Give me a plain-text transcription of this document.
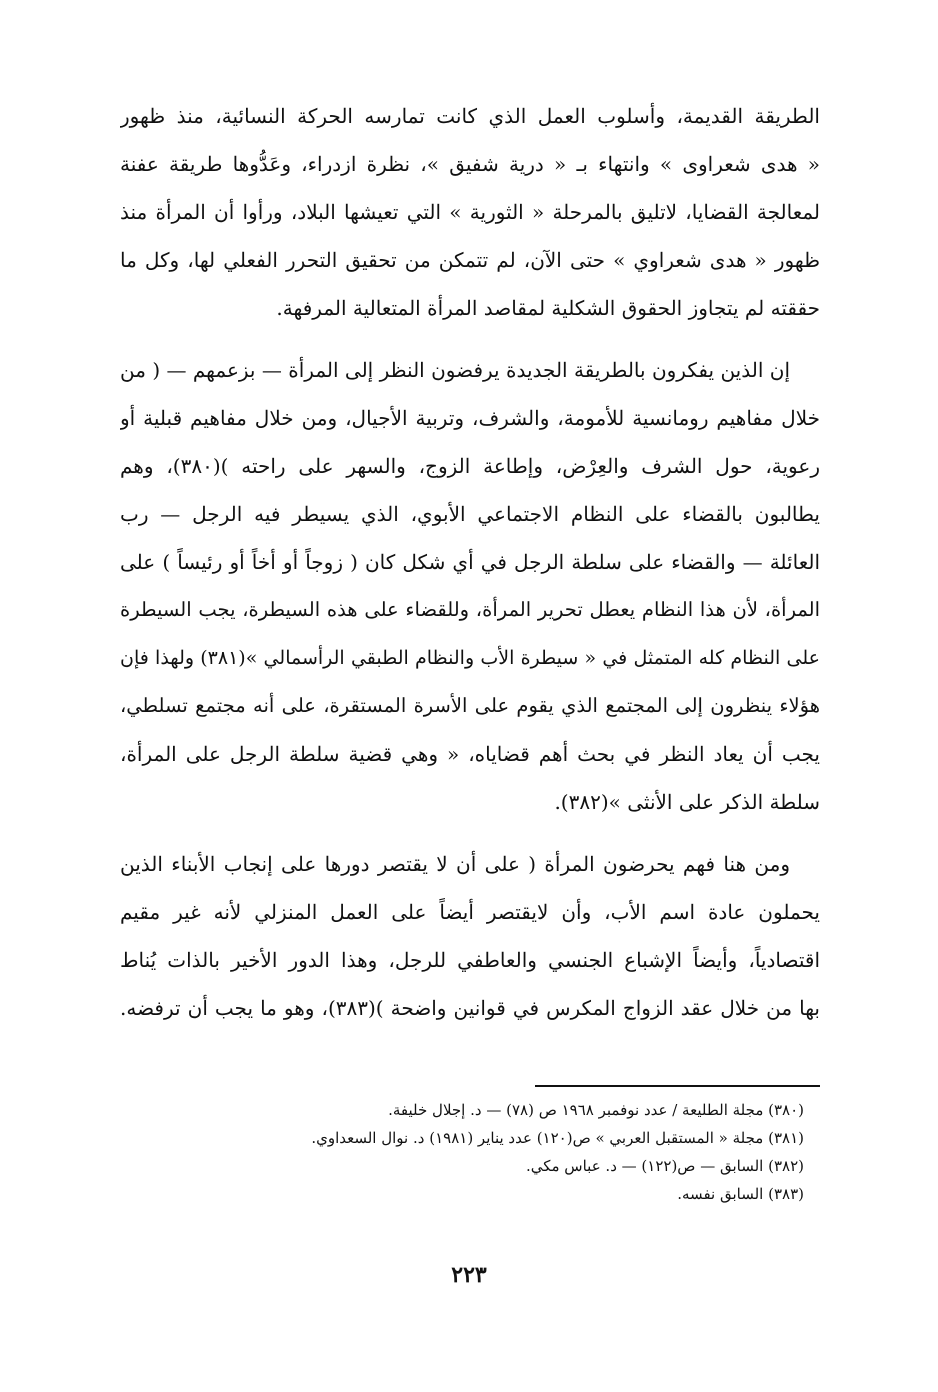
الطريقة القديمة، وأسلوب العمل الذي كانت تمارسه الحركة النسائية، منذ ظهور
« هدى شعراوى » وانتهاء بـ « درية شفيق »، نظرة ازدراء، وعَدُّوها طريقة عفنة
لمعالجة القضايا، لاتليق بالمرحلة « الثورية » التي تعيشها البلاد، ورأوا أن المرأة منذ
ظهور « هدى شعراوي » حتى الآن، لم تتمكن من تحقيق التحرر الفعلي لها، وكل ما
حققته لم يتجاوز الحقوق الشكلية لمقاصد المرأة المتعالية المرفهة.
إن الذين يفكرون بالطريقة الجديدة يرفضون النظر إلى المرأة — بزعمهم — ( من
خلال مفاهيم رومانسية للأمومة، والشرف، وتربية الأجيال، ومن خلال مفاهيم قبلية أو
رعوية، حول الشرف والعِرْض، وإطاعة الزوج، والسهر على راحته )(٣٨٠)، وهم
يطالبون بالقضاء على النظام الاجتماعي الأبوي، الذي يسيطر فيه الرجل — رب
العائلة — والقضاء على سلطة الرجل في أي شكل كان ( زوجاً أو أخاً أو رئيساً ) على
المرأة، لأن هذا النظام يعطل تحرير المرأة، وللقضاء على هذه السيطرة، يجب السيطرة
على النظام كله المتمثل في « سيطرة الأب والنظام الطبقي الرأسمالي »(٣٨١) ولهذا فإن
هؤلاء ينظرون إلى المجتمع الذي يقوم على الأسرة المستقرة، على أنه مجتمع تسلطي،
يجب أن يعاد النظر في بحث أهم قضاياه، « وهي قضية سلطة الرجل على المرأة،
سلطة الذكر على الأنثى »(٣٨٢).
ومن هنا فهم يحرضون المرأة ( على أن لا يقتصر دورها على إنجاب الأبناء الذين
يحملون عادة اسم الأب، وأن لايقتصر أيضاً على العمل المنزلي لأنه غير مقيم
اقتصادياً، وأيضاً الإشباع الجنسي والعاطفي للرجل، وهذا الدور الأخير بالذات يُناط
بها من خلال عقد الزواج المكرس في قوانين واضحة )(٣٨٣)، وهو ما يجب أن ترفضه.
(٣٨٠) مجلة الطليعة / عدد نوفمبر ١٩٦٨ ص (٧٨) — د. إجلال خليفة.
(٣٨١) مجلة « المستقبل العربي » ص(١٢٠) عدد يناير (١٩٨١) د. نوال السعداوي.
(٣٨٢) السابق — ص(١٢٢) — د. عباس مكي.
(٣٨٣) السابق نفسه.
٢٢٣
